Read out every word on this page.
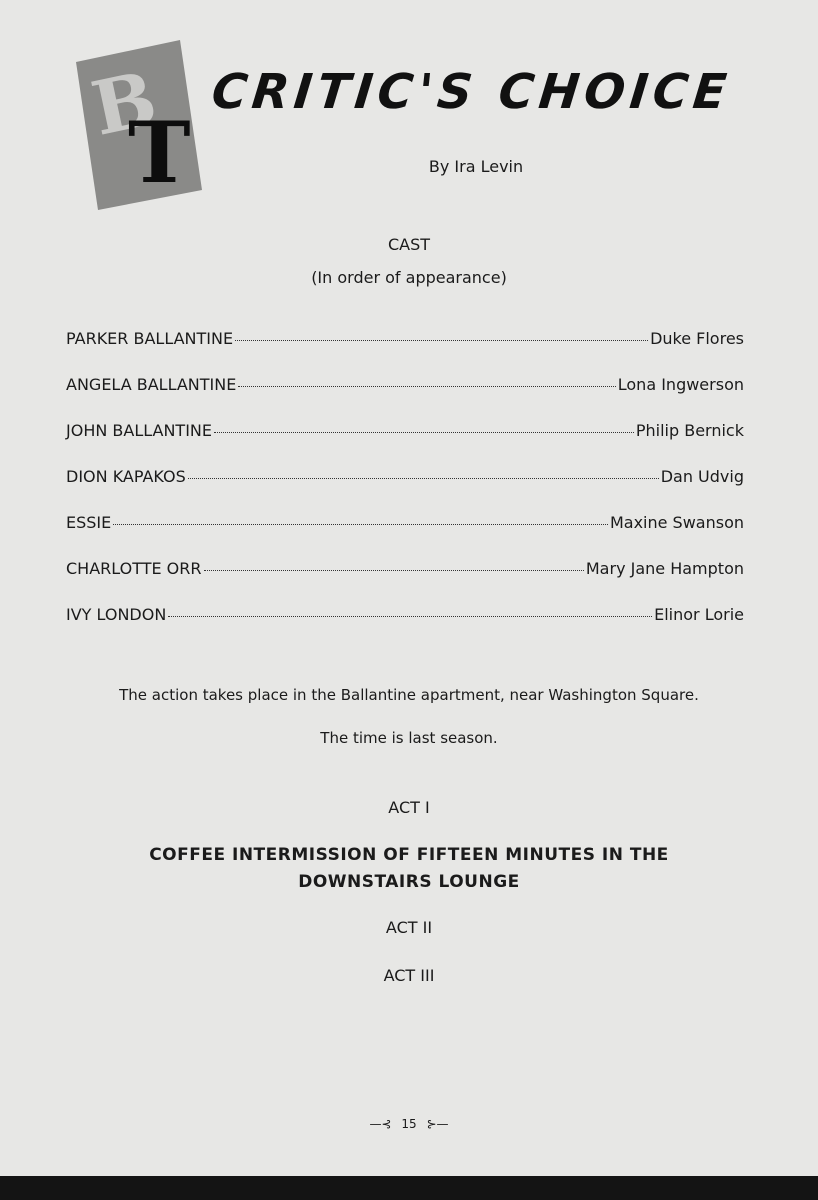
B
T
CRITIC'S CHOICE
By Ira Levin
CAST
(In order of appearance)
PARKER BALLANTINE	Duke Flores
ANGELA BALLANTINE	Lona Ingwerson
JOHN BALLANTINE	Philip Bernick
DION KAPAKOS	Dan Udvig
ESSIE	Maxine Swanson
CHARLOTTE ORR	Mary Jane Hampton
IVY LONDON	Elinor Lorie
The action takes place in the Ballantine apartment, near Washington Square.
The time is last season.
ACT I
COFFEE INTERMISSION OF FIFTEEN MINUTES IN THE
DOWNSTAIRS LOUNGE
ACT II
ACT III
—⊰ 15 ⊱—
